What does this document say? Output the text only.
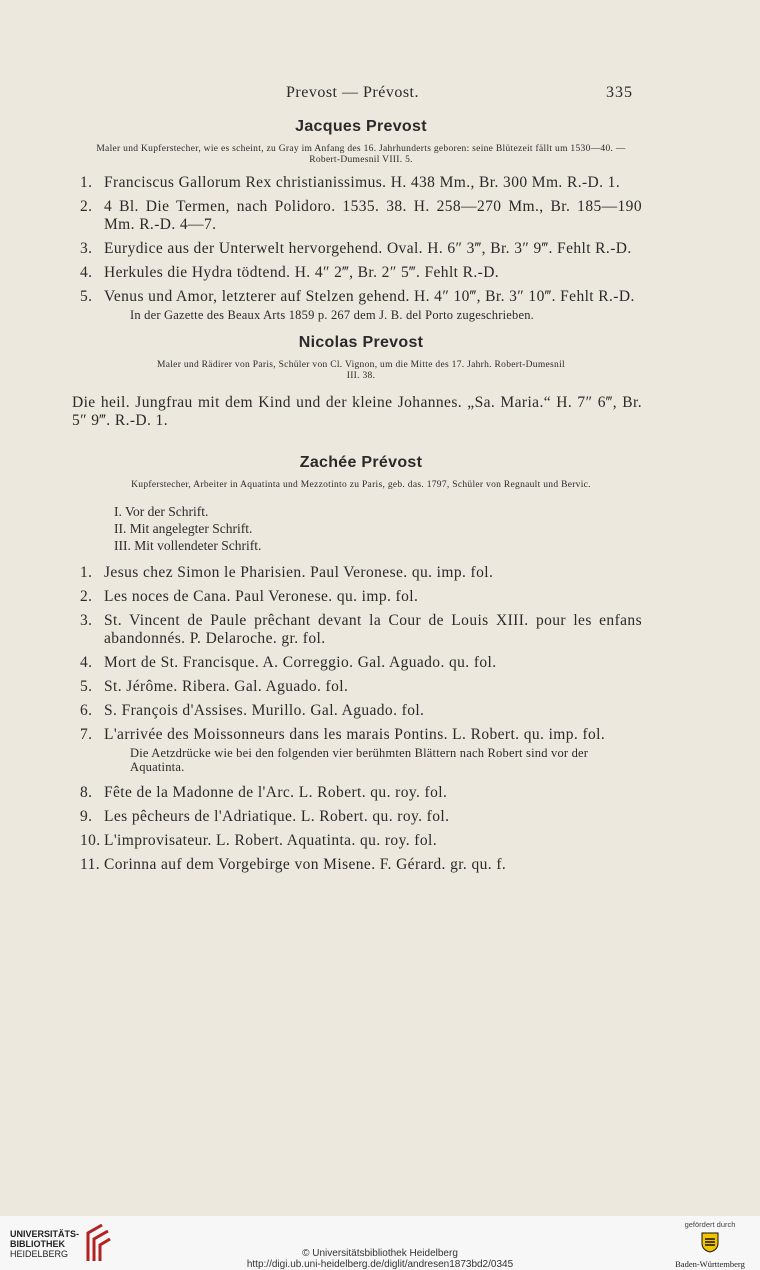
Prevost — Prévost.	335
Jacques Prevost
Maler und Kupferstecher, wie es scheint, zu Gray im Anfang des 16. Jahrhunderts geboren: seine Blütezeit fällt um 1530—40. — Robert-Dumesnil VIII. 5.
1. Franciscus Gallorum Rex christianissimus. H. 438 Mm., Br. 300 Mm. R.-D. 1.
2. 4 Bl. Die Termen, nach Polidoro. 1535. 38. H. 258—270 Mm., Br. 185—190 Mm. R.-D. 4—7.
3. Eurydice aus der Unterwelt hervorgehend. Oval. H. 6″ 3‴, Br. 3″ 9‴. Fehlt R.-D.
4. Herkules die Hydra tödtend. H. 4″ 2‴, Br. 2″ 5‴. Fehlt R.-D.
5. Venus und Amor, letzterer auf Stelzen gehend. H. 4″ 10‴, Br. 3″ 10‴. Fehlt R.-D.
In der Gazette des Beaux Arts 1859 p. 267 dem J. B. del Porto zugeschrieben.
Nicolas Prevost
Maler und Rädirer von Paris, Schüler von Cl. Vignon, um die Mitte des 17. Jahrh. Robert-Dumesnil III. 38.
Die heil. Jungfrau mit dem Kind und der kleine Johannes. „Sa. Maria.“ H. 7″ 6‴, Br. 5″ 9‴. R.-D. 1.
Zachée Prévost
Kupferstecher, Arbeiter in Aquatinta und Mezzotinto zu Paris, geb. das. 1797, Schüler von Regnault und Bervic.
I. Vor der Schrift.
II. Mit angelegter Schrift.
III. Mit vollendeter Schrift.
1. Jesus chez Simon le Pharisien. Paul Veronese. qu. imp. fol.
2. Les noces de Cana. Paul Veronese. qu. imp. fol.
3. St. Vincent de Paule prêchant devant la Cour de Louis XIII. pour les enfans abandonnés. P. Delaroche. gr. fol.
4. Mort de St. Francisque. A. Correggio. Gal. Aguado. qu. fol.
5. St. Jérôme. Ribera. Gal. Aguado. fol.
6. S. François d'Assises. Murillo. Gal. Aguado. fol.
7. L'arrivée des Moissonneurs dans les marais Pontins. L. Robert. qu. imp. fol.
Die Aetzdrücke wie bei den folgenden vier berühmten Blättern nach Robert sind vor der Aquatinta.
8. Fête de la Madonne de l'Arc. L. Robert. qu. roy. fol.
9. Les pêcheurs de l'Adriatique. L. Robert. qu. roy. fol.
10. L'improvisateur. L. Robert. Aquatinta. qu. roy. fol.
11. Corinna auf dem Vorgebirge von Misene. F. Gérard. gr. qu. f.
UNIVERSITÄTS-
BIBLIOTHEK
HEIDELBERG	© Universitätsbibliothek Heidelberg
http://digi.ub.uni-heidelberg.de/diglit/andresen1873bd2/0345
gefördert durch
Baden-Württemberg
